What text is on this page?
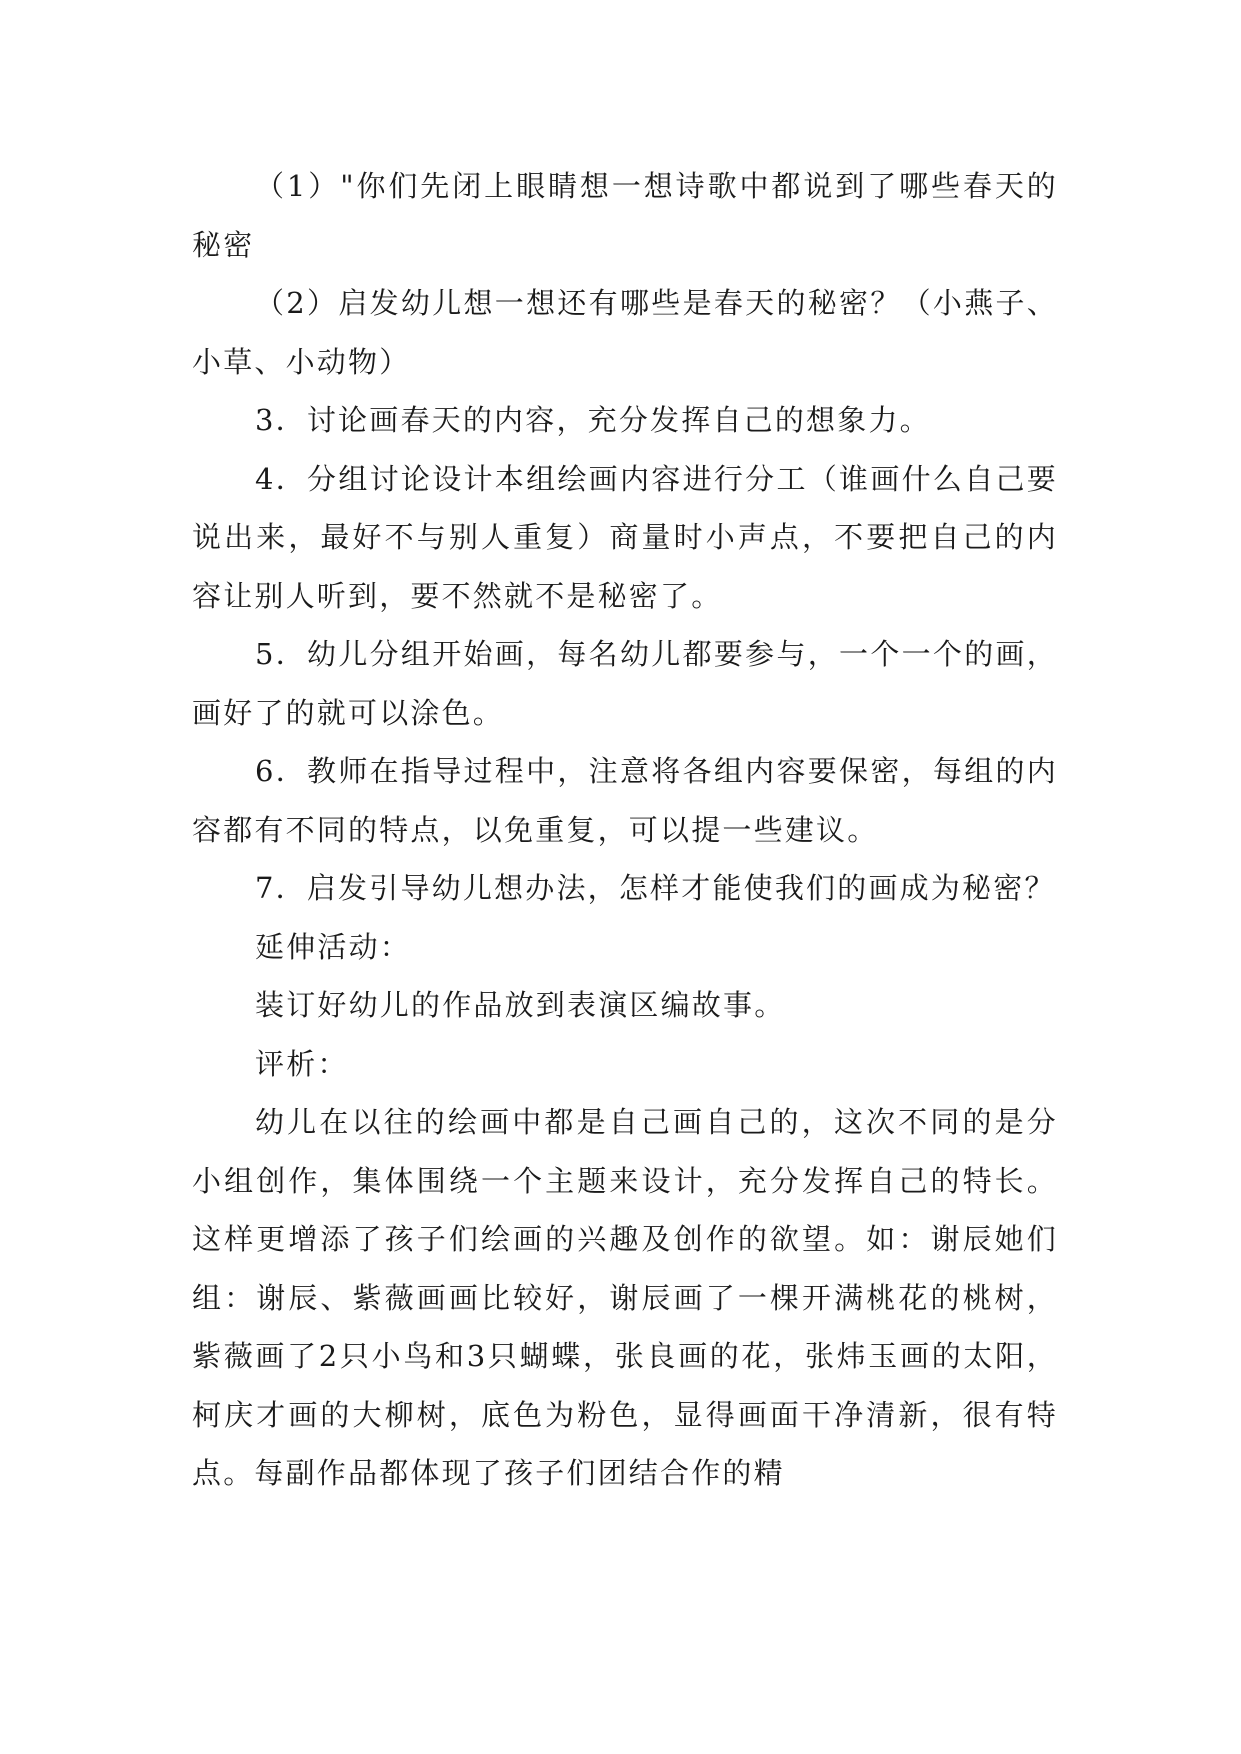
（1）"你们先闭上眼睛想一想诗歌中都说到了哪些春天的秘密

（2）启发幼儿想一想还有哪些是春天的秘密？（小燕子、小草、小动物）

3．讨论画春天的内容，充分发挥自己的想象力。

4．分组讨论设计本组绘画内容进行分工（谁画什么自己要说出来，最好不与别人重复）商量时小声点，不要把自己的内容让别人听到，要不然就不是秘密了。

5．幼儿分组开始画，每名幼儿都要参与，一个一个的画，画好了的就可以涂色。

6．教师在指导过程中，注意将各组内容要保密，每组的内容都有不同的特点，以免重复，可以提一些建议。

7．启发引导幼儿想办法，怎样才能使我们的画成为秘密？

延伸活动：

装订好幼儿的作品放到表演区编故事。

评析：

幼儿在以往的绘画中都是自己画自己的，这次不同的是分小组创作，集体围绕一个主题来设计，充分发挥自己的特长。这样更增添了孩子们绘画的兴趣及创作的欲望。如：谢辰她们组：谢辰、紫薇画画比较好，谢辰画了一棵开满桃花的桃树，紫薇画了2只小鸟和3只蝴蝶，张良画的花，张炜玉画的太阳，柯庆才画的大柳树，底色为粉色，显得画面干净清新，很有特点。每副作品都体现了孩子们团结合作的精
